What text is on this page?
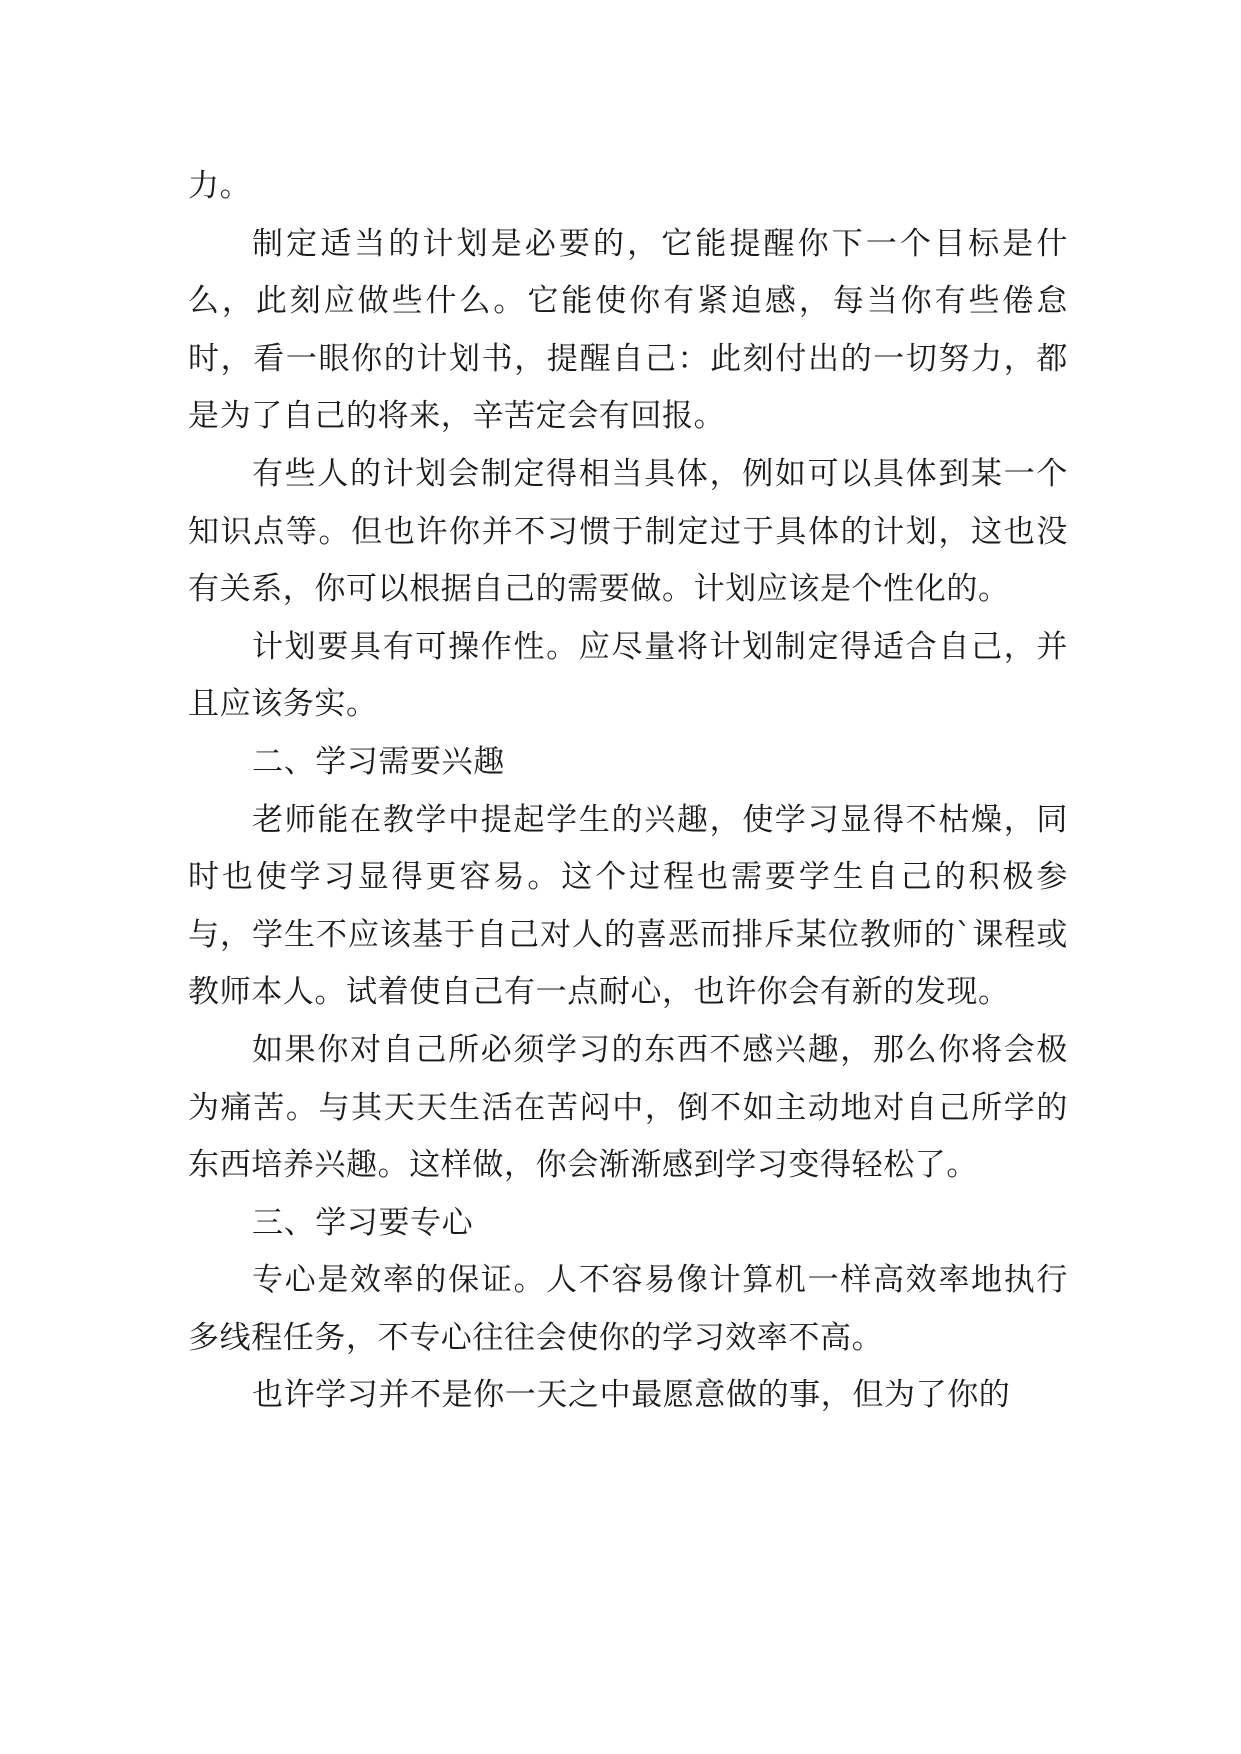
力。

制定适当的计划是必要的，它能提醒你下一个目标是什么，此刻应做些什么。它能使你有紧迫感，每当你有些倦怠时，看一眼你的计划书，提醒自己：此刻付出的一切努力，都是为了自己的将来，辛苦定会有回报。

有些人的计划会制定得相当具体，例如可以具体到某一个知识点等。但也许你并不习惯于制定过于具体的计划，这也没有关系，你可以根据自己的需要做。计划应该是个性化的。

计划要具有可操作性。应尽量将计划制定得适合自己，并且应该务实。

二、学习需要兴趣

老师能在教学中提起学生的兴趣，使学习显得不枯燥，同时也使学习显得更容易。这个过程也需要学生自己的积极参与，学生不应该基于自己对人的喜恶而排斥某位教师的`课程或教师本人。试着使自己有一点耐心，也许你会有新的发现。

如果你对自己所必须学习的东西不感兴趣，那么你将会极为痛苦。与其天天生活在苦闷中，倒不如主动地对自己所学的东西培养兴趣。这样做，你会渐渐感到学习变得轻松了。

三、学习要专心

专心是效率的保证。人不容易像计算机一样高效率地执行多线程任务，不专心往往会使你的学习效率不高。

也许学习并不是你一天之中最愿意做的事，但为了你的
